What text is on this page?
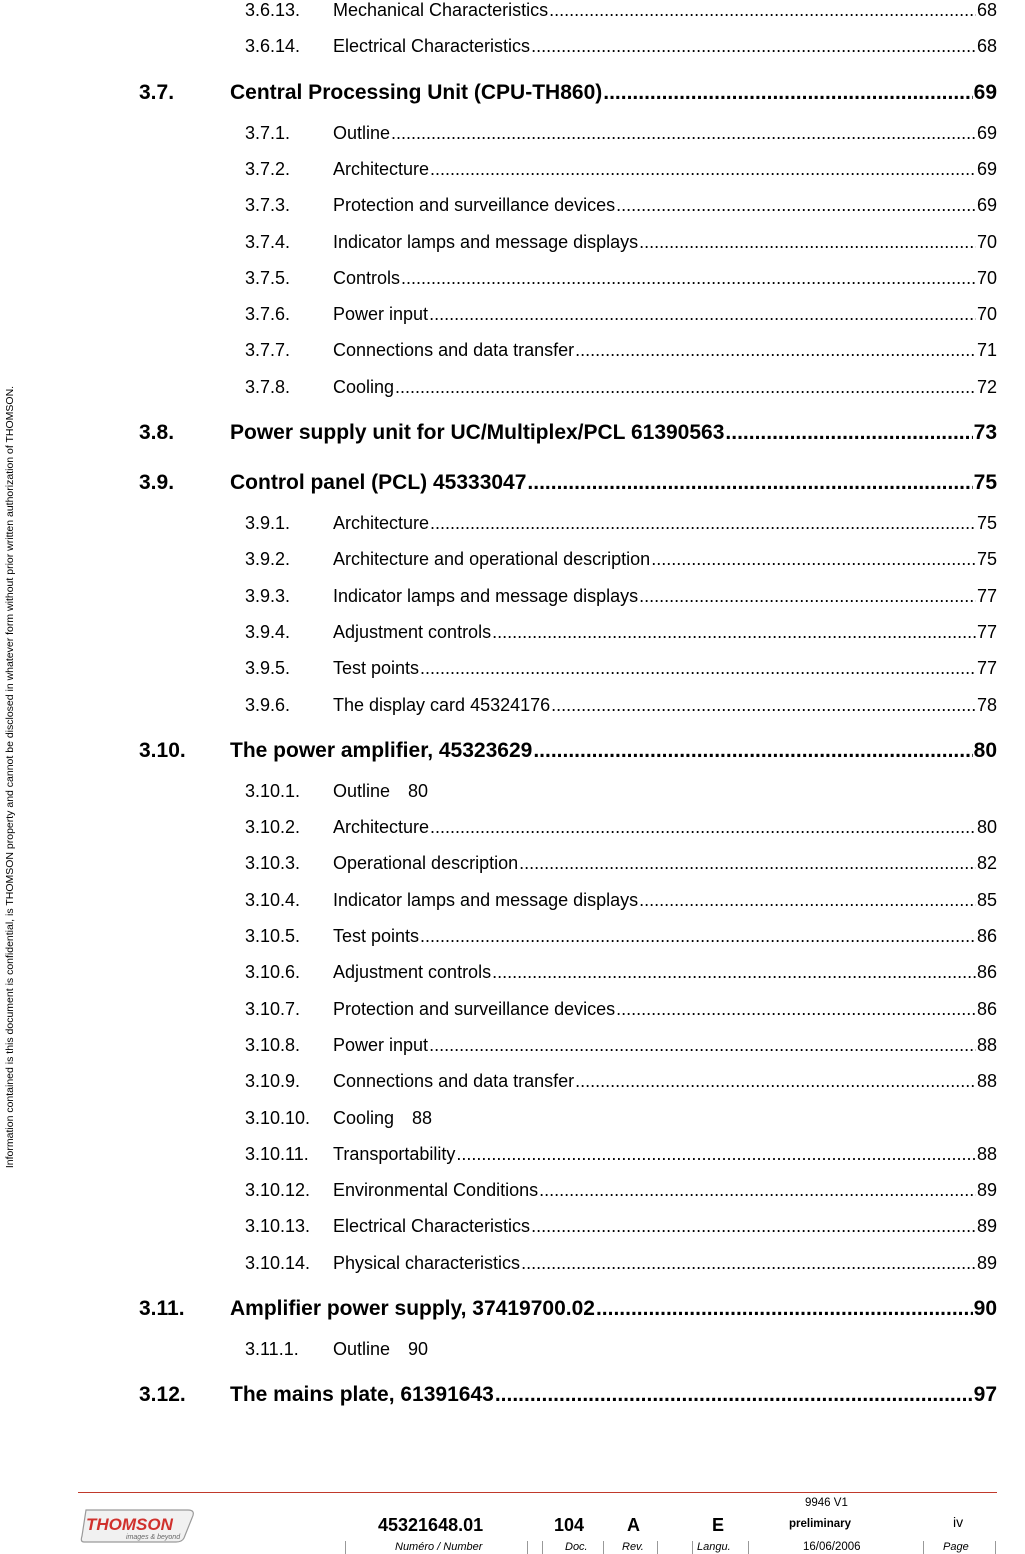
Information contained is this document is confidential, is THOMSON property and cannot be disclosed in whatever form without prior written authorization of THOMSON.
3.6.13. Mechanical Characteristics .....	68
3.6.14. Electrical Characteristics .....	68
3.7.	Central Processing Unit (CPU-TH860) .....	69
3.7.1. Outline .....	69
3.7.2. Architecture .....	69
3.7.3. Protection and surveillance devices .....	69
3.7.4. Indicator lamps and message displays .....	70
3.7.5. Controls .....	70
3.7.6. Power input .....	70
3.7.7. Connections and data transfer .....	71
3.7.8. Cooling .....	72
3.8.	Power supply unit for UC/Multiplex/PCL 61390563 .....	73
3.9.	Control panel (PCL) 45333047 .....	75
3.9.1. Architecture .....	75
3.9.2. Architecture and operational description .....	75
3.9.3. Indicator lamps and message displays .....	77
3.9.4. Adjustment controls .....	77
3.9.5. Test points .....	77
3.9.6. The display card 45324176 .....	78
3.10. The power amplifier, 45323629 .....	80
3.10.1. Outline 80
3.10.2. Architecture .....	80
3.10.3. Operational description .....	82
3.10.4. Indicator lamps and message displays .....	85
3.10.5. Test points .....	86
3.10.6. Adjustment controls .....	86
3.10.7. Protection and surveillance devices .....	86
3.10.8. Power input .....	88
3.10.9. Connections and data transfer .....	88
3.10.10. Cooling 88
3.10.11. Transportability .....	88
3.10.12. Environmental Conditions .....	89
3.10.13. Electrical Characteristics .....	89
3.10.14. Physical characteristics .....	89
3.11. Amplifier power supply, 37419700.02 .....	90
3.11.1. Outline 90
3.12. The mains plate, 61391643 .....	97
THOMSON
images & beyond
45321648.01
Numéro / Number
104
Doc.
A
Rev.
E
Langu.
9946 V1
preliminary
16/06/2006
iv
Page
